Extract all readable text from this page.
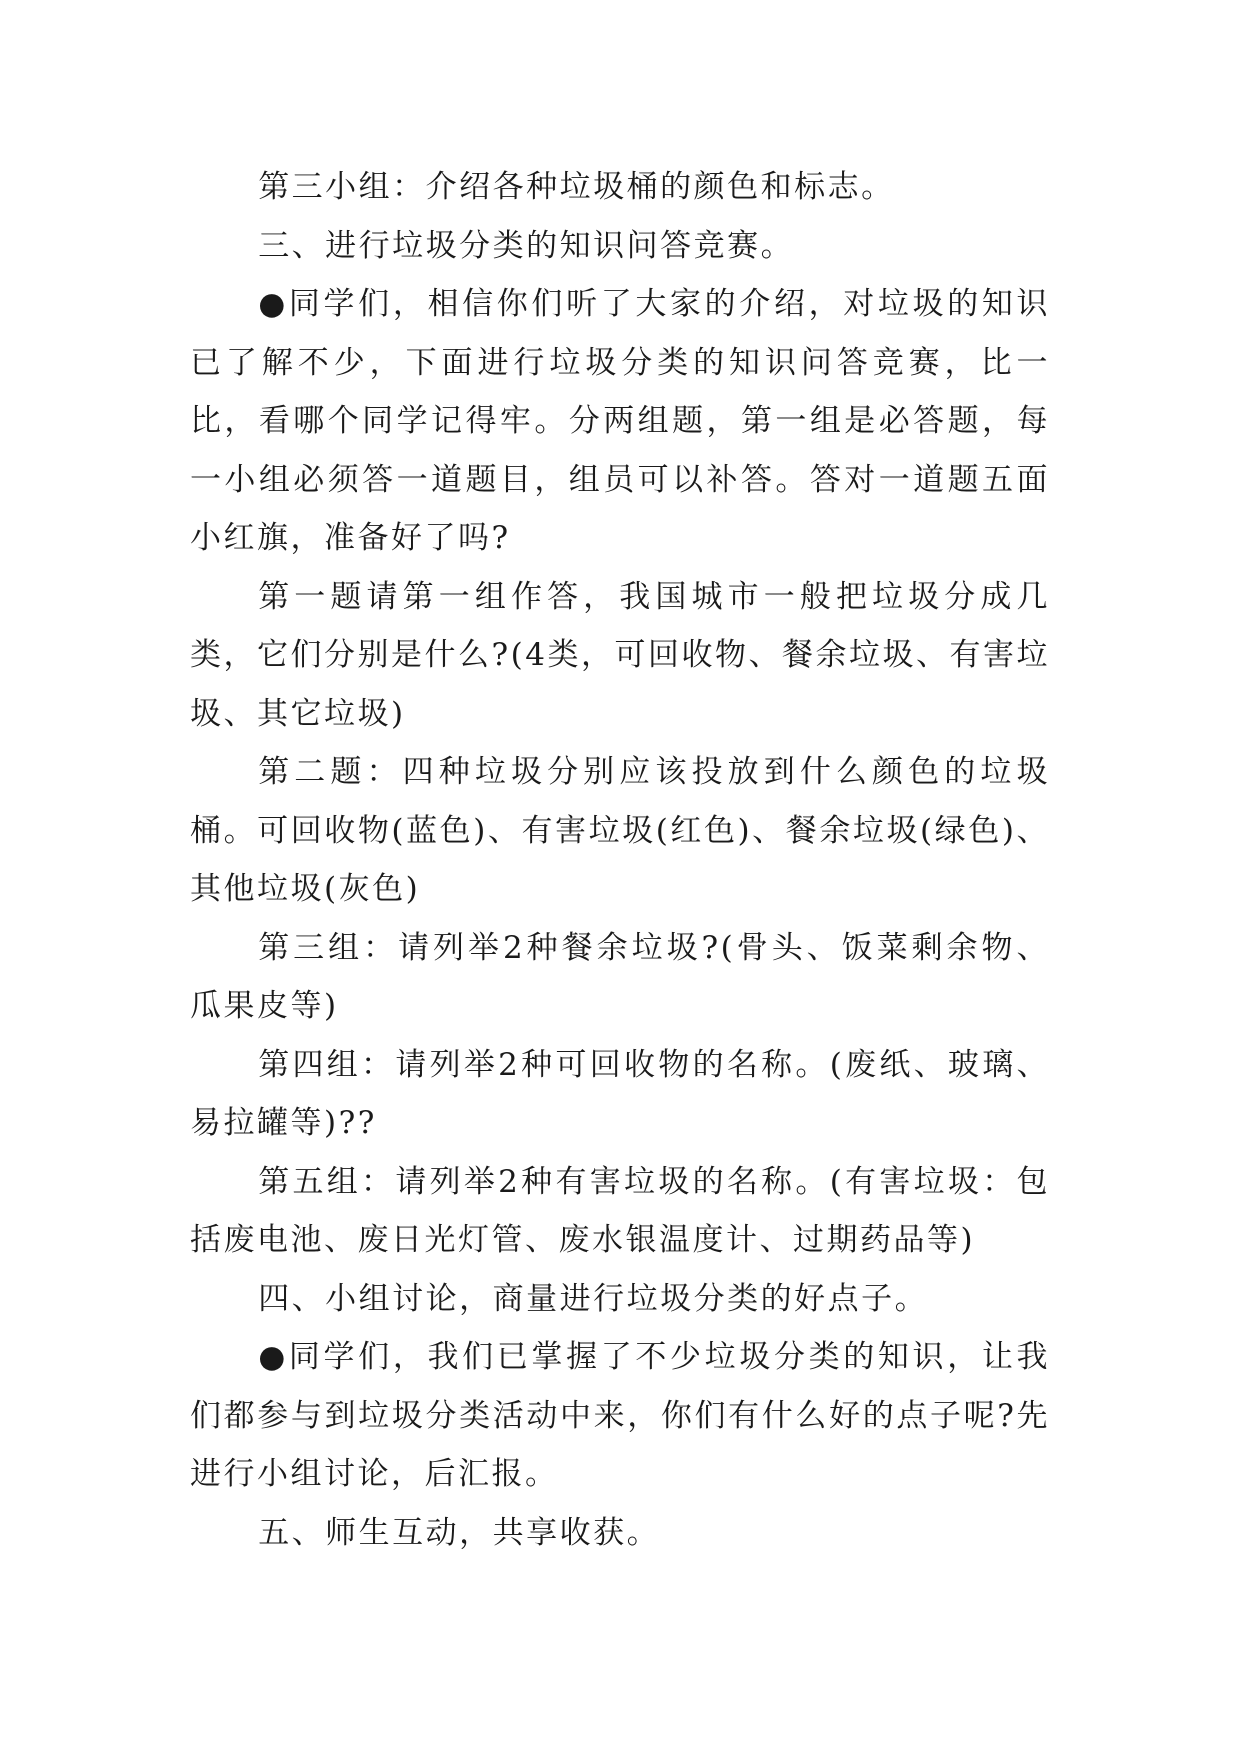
第三小组：介绍各种垃圾桶的颜色和标志。

三、进行垃圾分类的知识问答竞赛。

●同学们，相信你们听了大家的介绍，对垃圾的知识已了解不少，下面进行垃圾分类的知识问答竞赛，比一比，看哪个同学记得牢。分两组题，第一组是必答题，每一小组必须答一道题目，组员可以补答。答对一道题五面小红旗，准备好了吗?

第一题请第一组作答，我国城市一般把垃圾分成几类，它们分别是什么?(4类，可回收物、餐余垃圾、有害垃圾、其它垃圾)

第二题：四种垃圾分别应该投放到什么颜色的垃圾桶。可回收物(蓝色)、有害垃圾(红色)、餐余垃圾(绿色)、其他垃圾(灰色)

第三组：请列举2种餐余垃圾?(骨头、饭菜剩余物、瓜果皮等)

第四组：请列举2种可回收物的名称。(废纸、玻璃、易拉罐等)??

第五组：请列举2种有害垃圾的名称。(有害垃圾：包括废电池、废日光灯管、废水银温度计、过期药品等)

四、小组讨论，商量进行垃圾分类的好点子。

●同学们，我们已掌握了不少垃圾分类的知识，让我们都参与到垃圾分类活动中来，你们有什么好的点子呢?先进行小组讨论，后汇报。

五、师生互动，共享收获。
